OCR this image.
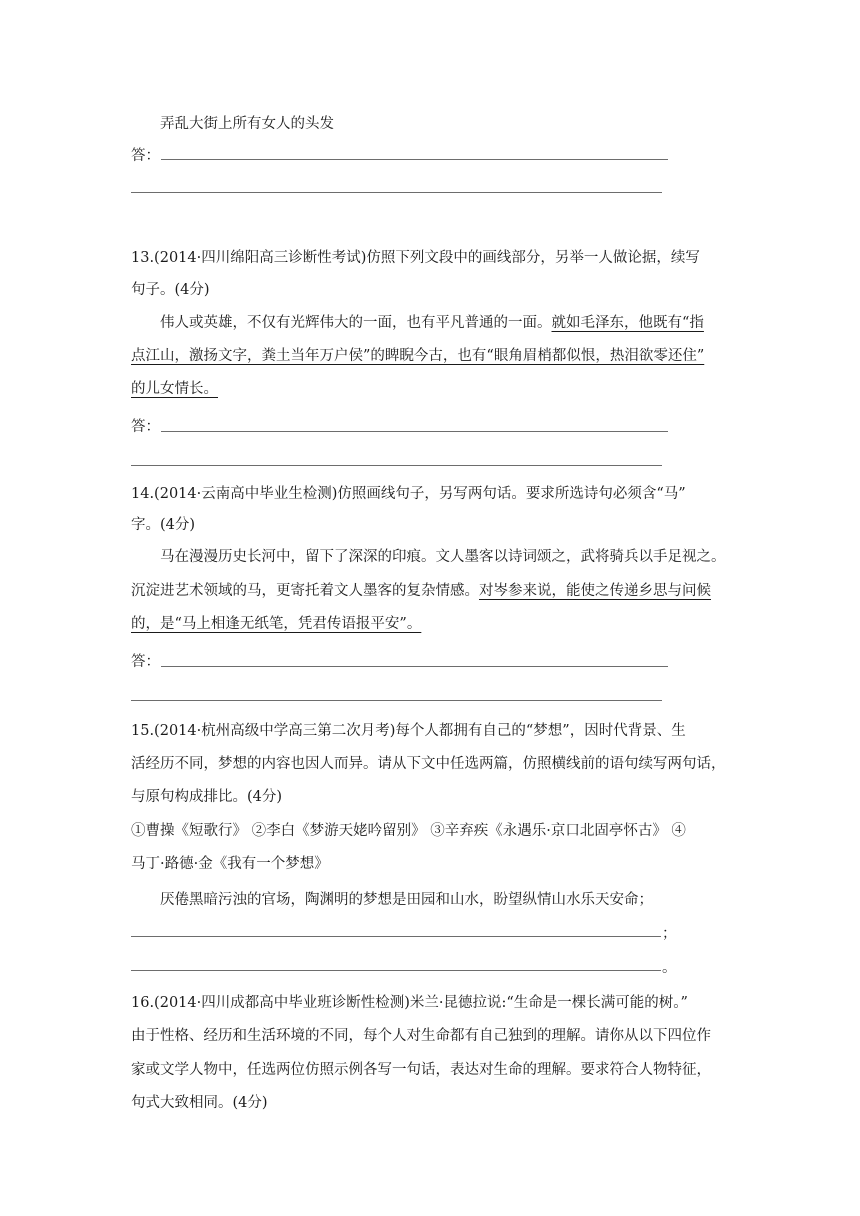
弄乱大街上所有女人的头发
答：
13.(2014·四川绵阳高三诊断性考试)仿照下列文段中的画线部分，另举一人做论据，续写
句子。(4分)
伟人或英雄，不仅有光辉伟大的一面，也有平凡普通的一面。就如毛泽东，他既有“指
点江山，激扬文字，粪土当年万户侯”的睥睨今古，也有“眼角眉梢都似恨，热泪欲零还住”
的儿女情长。
答：
14.(2014·云南高中毕业生检测)仿照画线句子，另写两句话。要求所选诗句必须含“马”
字。(4分)
马在漫漫历史长河中，留下了深深的印痕。文人墨客以诗词颂之，武将骑兵以手足视之。
沉淀进艺术领域的马，更寄托着文人墨客的复杂情感。对岑参来说，能使之传递乡思与问候
的，是“马上相逢无纸笔，凭君传语报平安”。
答：
15.(2014·杭州高级中学高三第二次月考)每个人都拥有自己的“梦想”，因时代背景、生
活经历不同，梦想的内容也因人而异。请从下文中任选两篇，仿照横线前的语句续写两句话，
与原句构成排比。(4分)
①曹操《短歌行》 ②李白《梦游天姥吟留别》 ③辛弃疾《永遇乐·京口北固亭怀古》 ④
马丁·路德·金《我有一个梦想》
厌倦黑暗污浊的官场，陶渊明的梦想是田园和山水，盼望纵情山水乐天安命；
；
。
16.(2014·四川成都高中毕业班诊断性检测)米兰·昆德拉说:“生命是一棵长满可能的树。”
由于性格、经历和生活环境的不同，每个人对生命都有自己独到的理解。请你从以下四位作
家或文学人物中，任选两位仿照示例各写一句话，表达对生命的理解。要求符合人物特征，
句式大致相同。(4分)
